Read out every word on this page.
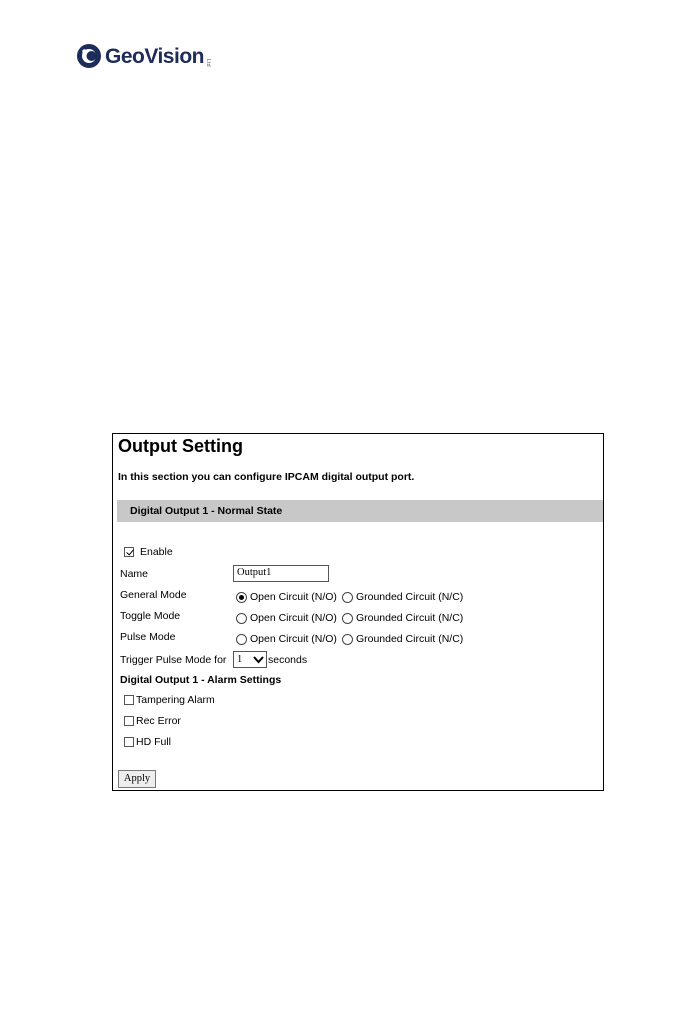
GeoVision Ltd
Output Setting
In this section you can configure IPCAM digital output port.
Digital Output 1 - Normal State
Enable
Name	Output1
General Mode	Open Circuit (N/O) Grounded Circuit (N/C)
Toggle Mode	Open Circuit (N/O) Grounded Circuit (N/C)
Pulse Mode	Open Circuit (N/O) Grounded Circuit (N/C)
Trigger Pulse Mode for 1 seconds
Digital Output 1 - Alarm Settings
Tampering Alarm
Rec Error
HD Full
Apply
